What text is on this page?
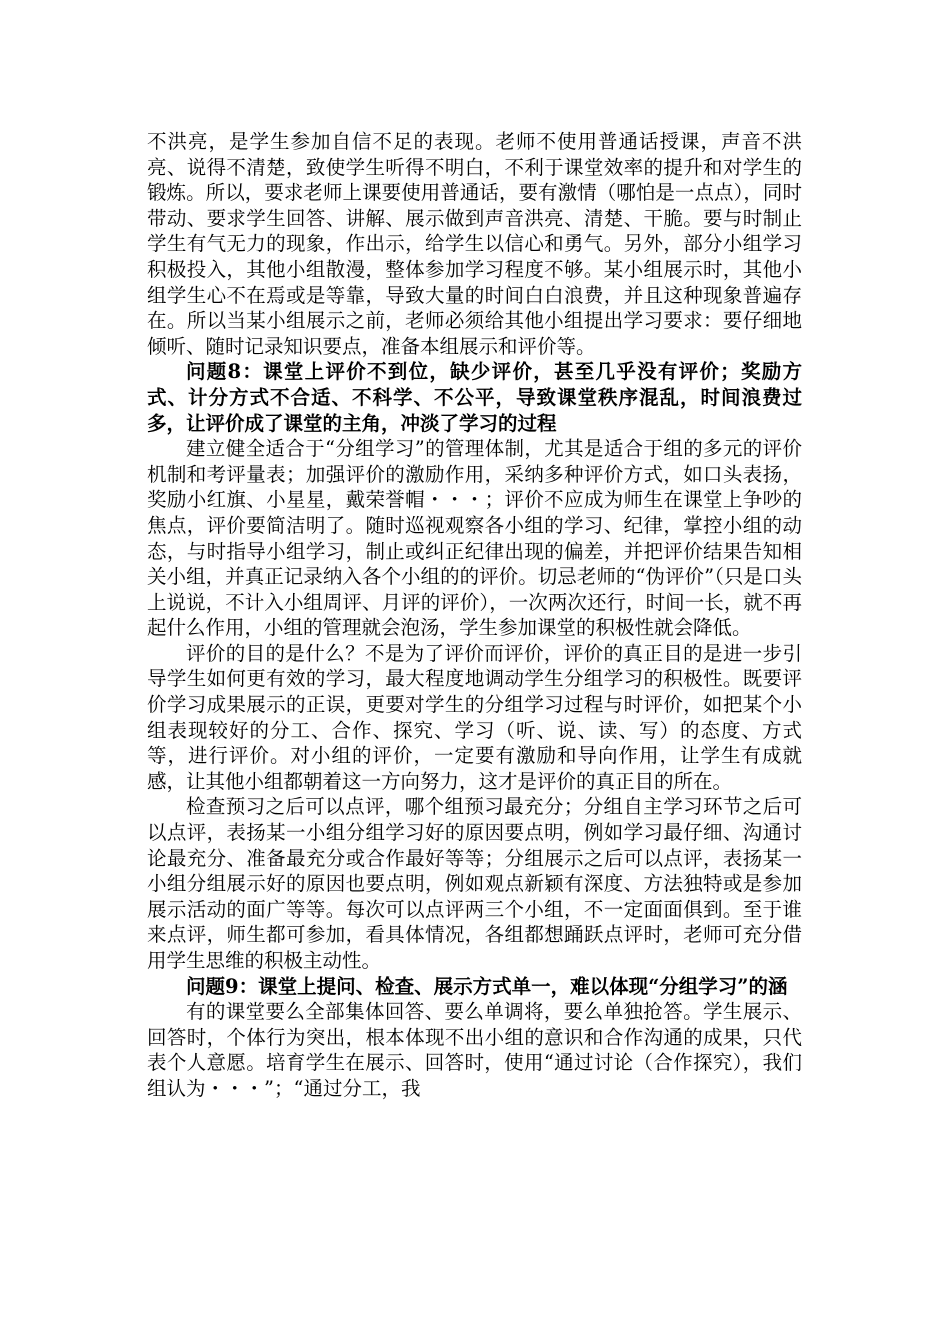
不洪亮，是学生参加自信不足的表现。老师不使用普通话授课，声音不洪亮、说得不清楚，致使学生听得不明白，不利于课堂效率的提升和对学生的锻炼。所以，要求老师上课要使用普通话，要有激情（哪怕是一点点），同时带动、要求学生回答、讲解、展示做到声音洪亮、清楚、干脆。要与时制止学生有气无力的现象，作出示，给学生以信心和勇气。另外，部分小组学习积极投入，其他小组散漫，整体参加学习程度不够。某小组展示时，其他小组学生心不在焉或是等靠，导致大量的时间白白浪费，并且这种现象普遍存在。所以当某小组展示之前，老师必须给其他小组提出学习要求：要仔细地倾听、随时记录知识要点，准备本组展示和评价等。

问题8：课堂上评价不到位，缺少评价，甚至几乎没有评价；奖励方式、计分方式不合适、不科学、不公平，导致课堂秩序混乱，时间浪费过多，让评价成了课堂的主角，冲淡了学习的过程

建立健全适合于“分组学习”的管理体制，尤其是适合于组的多元的评价机制和考评量表；加强评价的激励作用，采纳多种评价方式，如口头表扬，奖励小红旗、小星星，戴荣誉帽・・・；评价不应成为师生在课堂上争吵的焦点，评价要简洁明了。随时巡视观察各小组的学习、纪律，掌控小组的动态，与时指导小组学习，制止或纠正纪律出现的偏差，并把评价结果告知相关小组，并真正记录纳入各个小组的的评价。切忌老师的“伪评价”（只是口头上说说，不计入小组周评、月评的评价），一次两次还行，时间一长，就不再起什么作用，小组的管理就会泡汤，学生参加课堂的积极性就会降低。

评价的目的是什么？不是为了评价而评价，评价的真正目的是进一步引导学生如何更有效的学习，最大程度地调动学生分组学习的积极性。既要评价学习成果展示的正误，更要对学生的分组学习过程与时评价，如把某个小组表现较好的分工、合作、探究、学习（听、说、读、写）的态度、方式等，进行评价。对小组的评价，一定要有激励和导向作用，让学生有成就感，让其他小组都朝着这一方向努力，这才是评价的真正目的所在。

检查预习之后可以点评，哪个组预习最充分；分组自主学习环节之后可以点评，表扬某一小组分组学习好的原因要点明，例如学习最仔细、沟通讨论最充分、准备最充分或合作最好等等；分组展示之后可以点评，表扬某一小组分组展示好的原因也要点明，例如观点新颖有深度、方法独特或是参加展示活动的面广等等。每次可以点评两三个小组，不一定面面俱到。至于谁来点评，师生都可参加，看具体情况，各组都想踊跃点评时，老师可充分借用学生思维的积极主动性。

问题9：课堂上提问、检查、展示方式单一，难以体现“分组学习”的涵

有的课堂要么全部集体回答、要么单调将，要么单独抢答。学生展示、回答时，个体行为突出，根本体现不出小组的意识和合作沟通的成果，只代表个人意愿。培育学生在展示、回答时，使用“通过讨论（合作探究），我们组认为・・・”；“通过分工，我
